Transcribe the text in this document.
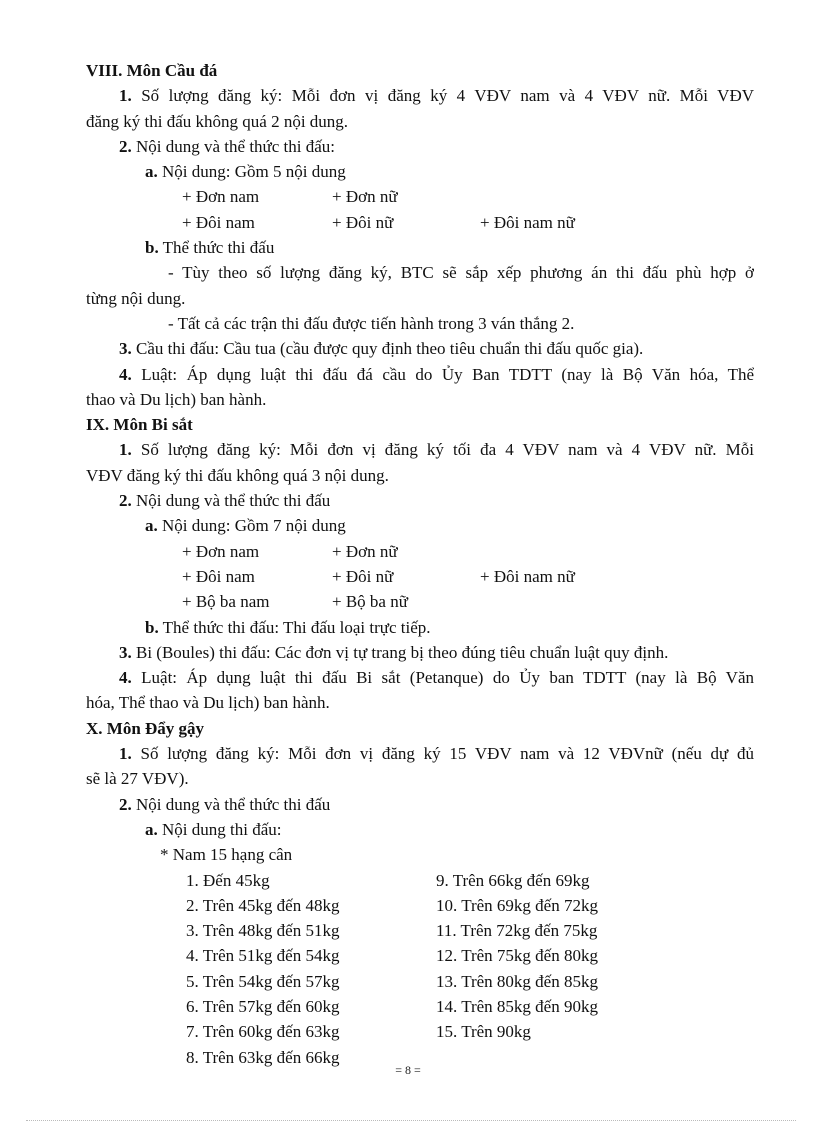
VIII. Môn Cầu đá
1. Số lượng đăng ký: Mỗi đơn vị đăng ký 4 VĐV nam và 4 VĐV nữ. Mỗi VĐV
đăng ký thi đấu không quá 2 nội dung.
2. Nội dung và thể thức thi đấu:
a. Nội dung: Gồm 5 nội dung
+ Đơn nam	+ Đơn nữ
+ Đôi nam	+ Đôi nữ	+ Đôi nam nữ
b. Thể thức thi đấu
- Tùy theo số lượng đăng ký, BTC sẽ sắp xếp phương án thi đấu phù hợp ở
từng nội dung.
- Tất cả các trận thi đấu được tiến hành trong 3 ván thắng 2.
3. Cầu thi đấu: Cầu tua (cầu được quy định theo tiêu chuẩn thi đấu quốc gia).
4. Luật: Áp dụng luật thi đấu đá cầu do Ủy Ban TDTT (nay là Bộ Văn hóa, Thể
thao và Du lịch) ban hành.
IX. Môn Bi sắt
1. Số lượng đăng ký: Mỗi đơn vị đăng ký tối đa 4 VĐV nam và 4 VĐV nữ. Mỗi
VĐV đăng ký thi đấu không quá 3 nội dung.
2. Nội dung và thể thức thi đấu
a. Nội dung: Gồm 7 nội dung
+ Đơn nam	+ Đơn nữ
+ Đôi nam	+ Đôi nữ	+ Đôi nam nữ
+ Bộ ba nam	+ Bộ ba nữ
b. Thể thức thi đấu: Thi đấu loại trực tiếp.
3. Bi (Boules) thi đấu: Các đơn vị tự trang bị theo đúng tiêu chuẩn luật quy định.
4. Luật: Áp dụng luật thi đấu Bi sắt (Petanque) do Ủy ban TDTT (nay là Bộ Văn
hóa, Thể thao và Du lịch) ban hành.
X. Môn Đẩy gậy
1. Số lượng đăng ký: Mỗi đơn vị đăng ký 15 VĐV nam và 12 VĐVnữ (nếu dự đủ
sẽ là 27 VĐV).
2. Nội dung và thể thức thi đấu
a. Nội dung thi đấu:
* Nam 15 hạng cân
1. Đến 45kg	9. Trên 66kg đến 69kg
2. Trên 45kg đến 48kg	10. Trên 69kg đến 72kg
3. Trên 48kg đến 51kg	11. Trên 72kg đến 75kg
4. Trên 51kg đến 54kg	12. Trên 75kg đến 80kg
5. Trên 54kg đến 57kg	13. Trên 80kg đến 85kg
6. Trên 57kg đến 60kg	14. Trên 85kg đến 90kg
7. Trên 60kg đến 63kg	15. Trên 90kg
8. Trên 63kg đến 66kg
= 8 =
